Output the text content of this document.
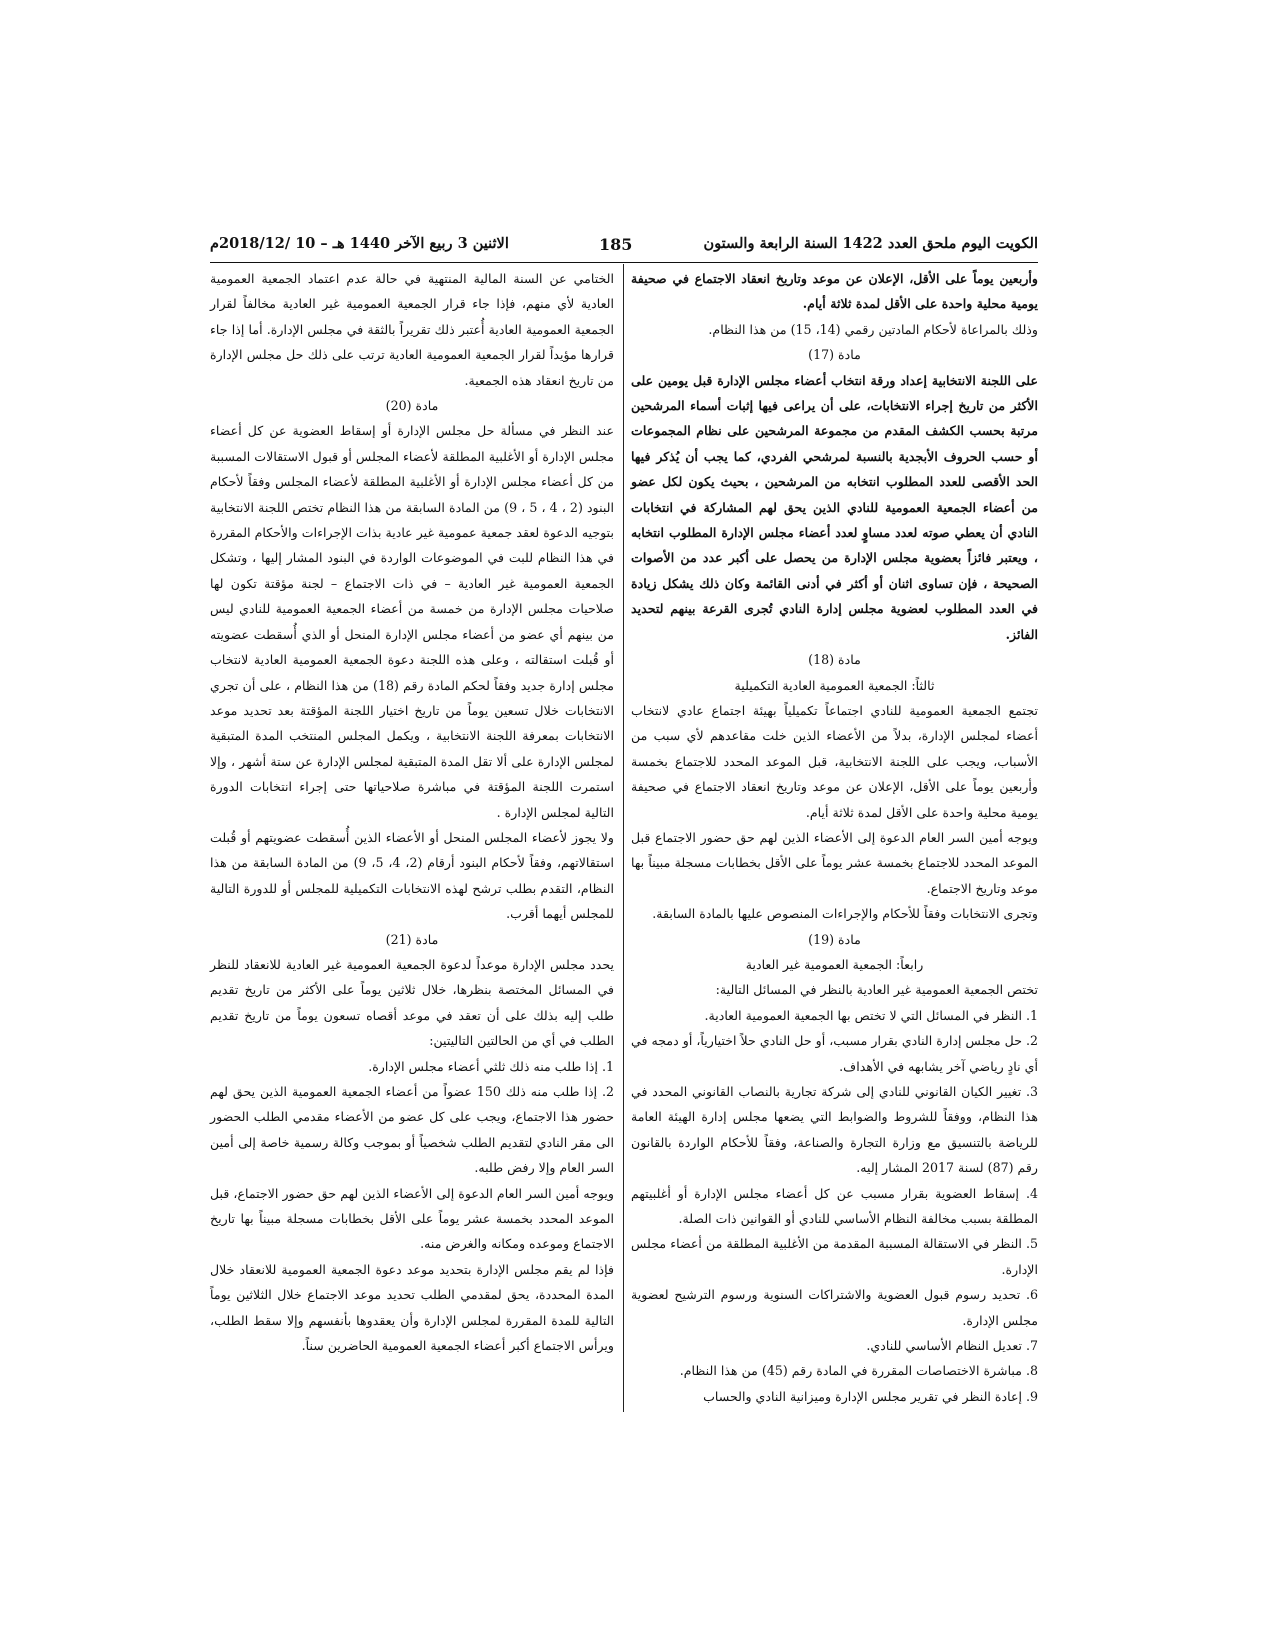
الكويت اليوم ملحق العدد 1422 السنة الرابعة والستون
185
الاثنين 3 ربيع الآخر 1440 هـ – 10 /2018/12م

وأربعين يوماً على الأقل، الإعلان عن موعد وتاريخ انعقاد الاجتماع في صحيفة يومية محلية واحدة على الأقل لمدة ثلاثة أيام.

وذلك بالمراعاة لأحكام المادتين رقمي (14، 15) من هذا النظام.

مادة (17)

على اللجنة الانتخابية إعداد ورقة انتخاب أعضاء مجلس الإدارة قبل يومين على الأكثر من تاريخ إجراء الانتخابات، على أن يراعى فيها إثبات أسماء المرشحين مرتبة بحسب الكشف المقدم من مجموعة المرشحين على نظام المجموعات أو حسب الحروف الأبجدية بالنسبة لمرشحي الفردي، كما يجب أن يُذكر فيها الحد الأقصى للعدد المطلوب انتخابه من المرشحين ، بحيث يكون لكل عضو من أعضاء الجمعية العمومية للنادي الذين يحق لهم المشاركة في انتخابات النادي أن يعطي صوته لعدد مساوٍ لعدد أعضاء مجلس الإدارة المطلوب انتخابه ، ويعتبر فائزاً بعضوية مجلس الإدارة من يحصل على أكبر عدد من الأصوات الصحيحة ، فإن تساوى اثنان أو أكثر في أدنى القائمة وكان ذلك يشكل زيادة في العدد المطلوب لعضوية مجلس إدارة النادي تُجرى القرعة بينهم لتحديد الفائز.

مادة (18)

ثالثاً: الجمعية العمومية العادية التكميلية

تجتمع الجمعية العمومية للنادي اجتماعاً تكميلياً بهيئة اجتماع عادي لانتخاب أعضاء لمجلس الإدارة، بدلاً من الأعضاء الذين خلت مقاعدهم لأي سبب من الأسباب، ويجب على اللجنة الانتخابية، قبل الموعد المحدد للاجتماع بخمسة وأربعين يوماً على الأقل، الإعلان عن موعد وتاريخ انعقاد الاجتماع في صحيفة يومية محلية واحدة على الأقل لمدة ثلاثة أيام.

ويوجه أمين السر العام الدعوة إلى الأعضاء الذين لهم حق حضور الاجتماع قبل الموعد المحدد للاجتماع بخمسة عشر يوماً على الأقل بخطابات مسجلة مبيناً بها موعد وتاريخ الاجتماع.

وتجرى الانتخابات وفقاً للأحكام والإجراءات المنصوص عليها بالمادة السابقة.

مادة (19)

رابعاً: الجمعية العمومية غير العادية

تختص الجمعية العمومية غير العادية بالنظر في المسائل التالية:

1. النظر في المسائل التي لا تختص بها الجمعية العمومية العادية.

2. حل مجلس إدارة النادي بقرار مسبب، أو حل النادي حلاً اختيارياً، أو دمجه في أي نادٍ رياضي آخر يشابهه في الأهداف.

3. تغيير الكيان القانوني للنادي إلى شركة تجارية بالنصاب القانوني المحدد في هذا النظام، ووفقاً للشروط والضوابط التي يضعها مجلس إدارة الهيئة العامة للرياضة بالتنسيق مع وزارة التجارة والصناعة، وفقاً للأحكام الواردة بالقانون رقم (87) لسنة 2017 المشار إليه.

4. إسقاط العضوية بقرار مسبب عن كل أعضاء مجلس الإدارة أو أغلبيتهم المطلقة بسبب مخالفة النظام الأساسي للنادي أو القوانين ذات الصلة.

5. النظر في الاستقالة المسببة المقدمة من الأغلبية المطلقة من أعضاء مجلس الإدارة.

6. تحديد رسوم قبول العضوية والاشتراكات السنوية ورسوم الترشيح لعضوية مجلس الإدارة.

7. تعديل النظام الأساسي للنادي.

8. مباشرة الاختصاصات المقررة في المادة رقم (45) من هذا النظام.

9. إعادة النظر في تقرير مجلس الإدارة وميزانية النادي والحساب

الختامي عن السنة المالية المنتهية في حالة عدم اعتماد الجمعية العمومية العادية لأي منهم، فإذا جاء قرار الجمعية العمومية غير العادية مخالفاً لقرار الجمعية العمومية العادية أُعتبر ذلك تقريراً بالثقة في مجلس الإدارة. أما إذا جاء قرارها مؤيداً لقرار الجمعية العمومية العادية ترتب على ذلك حل مجلس الإدارة من تاريخ انعقاد هذه الجمعية.

مادة (20)

عند النظر في مسألة حل مجلس الإدارة أو إسقاط العضوية عن كل أعضاء مجلس الإدارة أو الأغلبية المطلقة لأعضاء المجلس أو قبول الاستقالات المسببة من كل أعضاء مجلس الإدارة أو الأغلبية المطلقة لأعضاء المجلس وفقاً لأحكام البنود (2 ، 4 ، 5 ، 9) من المادة السابقة من هذا النظام تختص اللجنة الانتخابية بتوجيه الدعوة لعقد جمعية عمومية غير عادية بذات الإجراءات والأحكام المقررة في هذا النظام للبت في الموضوعات الواردة في البنود المشار إليها ، وتشكل الجمعية العمومية غير العادية – في ذات الاجتماع – لجنة مؤقتة تكون لها صلاحيات مجلس الإدارة من خمسة من أعضاء الجمعية العمومية للنادي ليس من بينهم أي عضو من أعضاء مجلس الإدارة المنحل أو الذي أُسقطت عضويته أو قُبلت استقالته ، وعلى هذه اللجنة دعوة الجمعية العمومية العادية لانتخاب مجلس إدارة جديد وفقاً لحكم المادة رقم (18) من هذا النظام ، على أن تجري الانتخابات خلال تسعين يوماً من تاريخ اختيار اللجنة المؤقتة بعد تحديد موعد الانتخابات بمعرفة اللجنة الانتخابية ، ويكمل المجلس المنتخب المدة المتبقية لمجلس الإدارة على ألا تقل المدة المتبقية لمجلس الإدارة عن ستة أشهر ، وإلا استمرت اللجنة المؤقتة في مباشرة صلاحياتها حتى إجراء انتخابات الدورة التالية لمجلس الإدارة .

ولا يجوز لأعضاء المجلس المنحل أو الأعضاء الذين أُسقطت عضويتهم أو قُبلت استقالاتهم، وفقاً لأحكام البنود أرقام (2، 4، 5، 9) من المادة السابقة من هذا النظام، التقدم بطلب ترشح لهذه الانتخابات التكميلية للمجلس أو للدورة التالية للمجلس أيهما أقرب.

مادة (21)

يحدد مجلس الإدارة موعداً لدعوة الجمعية العمومية غير العادية للانعقاد للنظر في المسائل المختصة بنظرها، خلال ثلاثين يوماً على الأكثر من تاريخ تقديم طلب إليه بذلك على أن تعقد في موعد أقصاه تسعون يوماً من تاريخ تقديم الطلب في أي من الحالتين التاليتين:

1. إذا طلب منه ذلك ثلثي أعضاء مجلس الإدارة.

2. إذا طلب منه ذلك 150 عضواً من أعضاء الجمعية العمومية الذين يحق لهم حضور هذا الاجتماع، ويجب على كل عضو من الأعضاء مقدمي الطلب الحضور الى مقر النادي لتقديم الطلب شخصياً أو بموجب وكالة رسمية خاصة إلى أمين السر العام وإلا رفض طلبه.

ويوجه أمين السر العام الدعوة إلى الأعضاء الذين لهم حق حضور الاجتماع، قبل الموعد المحدد بخمسة عشر يوماً على الأقل بخطابات مسجلة مبيناً بها تاريخ الاجتماع وموعده ومكانه والغرض منه.

فإذا لم يقم مجلس الإدارة بتحديد موعد دعوة الجمعية العمومية للانعقاد خلال المدة المحددة، يحق لمقدمي الطلب تحديد موعد الاجتماع خلال الثلاثين يوماً التالية للمدة المقررة لمجلس الإدارة وأن يعقدوها بأنفسهم وإلا سقط الطلب، ويرأس الاجتماع أكبر أعضاء الجمعية العمومية الحاضرين سناً.
